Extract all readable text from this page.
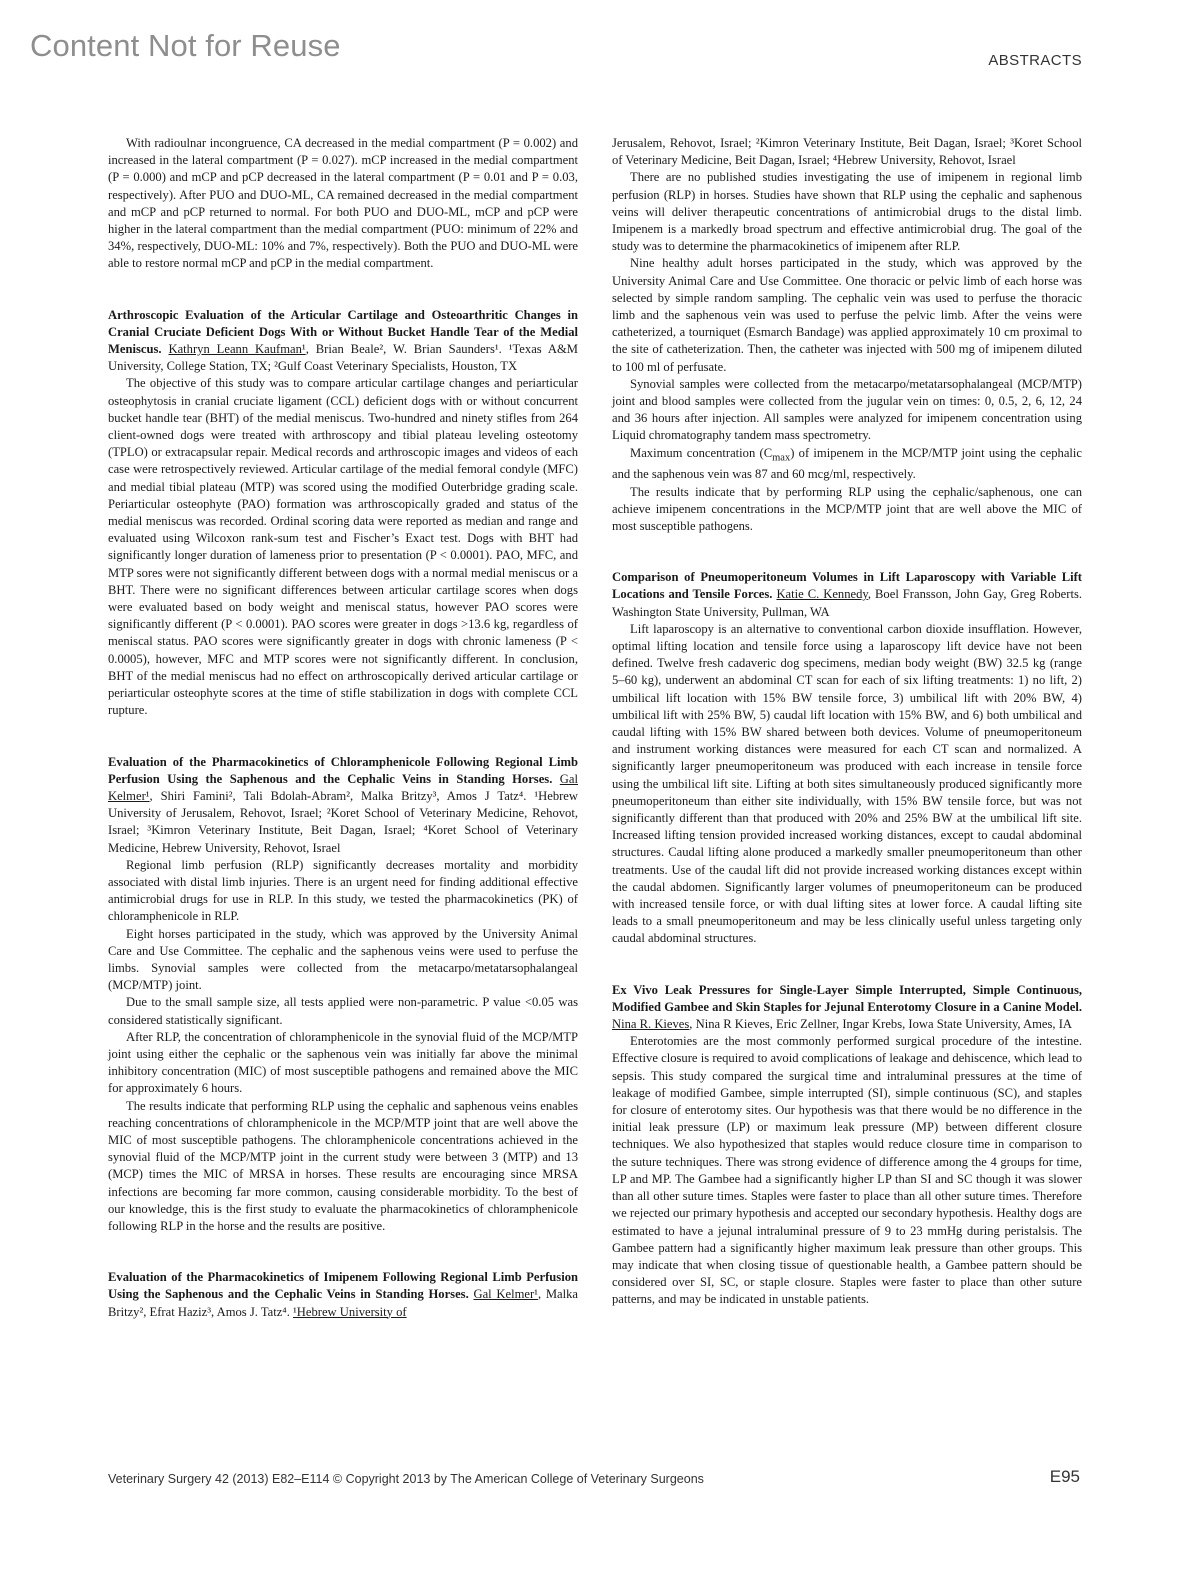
Content Not for Reuse	ABSTRACTS

With radioulnar incongruence, CA decreased in the medial compartment (P = 0.002) and increased in the lateral compartment (P = 0.027). mCP increased in the medial compartment (P = 0.000) and mCP and pCP decreased in the lateral compartment (P = 0.01 and P = 0.03, respectively). After PUO and DUO-ML, CA remained decreased in the medial compartment and mCP and pCP returned to normal. For both PUO and DUO-ML, mCP and pCP were higher in the lateral compartment than the medial compartment (PUO: minimum of 22% and 34%, respectively, DUO-ML: 10% and 7%, respectively). Both the PUO and DUO-ML were able to restore normal mCP and pCP in the medial compartment.

Arthroscopic Evaluation of the Articular Cartilage and Osteoarthritic Changes in Cranial Cruciate Deficient Dogs With or Without Bucket Handle Tear of the Medial Meniscus. Kathryn Leann Kaufman¹, Brian Beale², W. Brian Saunders¹. ¹Texas A&M University, College Station, TX; ²Gulf Coast Veterinary Specialists, Houston, TX

The objective of this study was to compare articular cartilage changes and periarticular osteophytosis in cranial cruciate ligament (CCL) deficient dogs with or without concurrent bucket handle tear (BHT) of the medial meniscus. Two-hundred and ninety stifles from 264 client-owned dogs were treated with arthroscopy and tibial plateau leveling osteotomy (TPLO) or extracapsular repair. Medical records and arthroscopic images and videos of each case were retrospectively reviewed. Articular cartilage of the medial femoral condyle (MFC) and medial tibial plateau (MTP) was scored using the modified Outerbridge grading scale. Periarticular osteophyte (PAO) formation was arthroscopically graded and status of the medial meniscus was recorded. Ordinal scoring data were reported as median and range and evaluated using Wilcoxon rank-sum test and Fischer’s Exact test. Dogs with BHT had significantly longer duration of lameness prior to presentation (P < 0.0001). PAO, MFC, and MTP sores were not significantly different between dogs with a normal medial meniscus or a BHT. There were no significant differences between articular cartilage scores when dogs were evaluated based on body weight and meniscal status, however PAO scores were significantly different (P < 0.0001). PAO scores were greater in dogs >13.6 kg, regardless of meniscal status. PAO scores were significantly greater in dogs with chronic lameness (P < 0.0005), however, MFC and MTP scores were not significantly different. In conclusion, BHT of the medial meniscus had no effect on arthroscopically derived articular cartilage or periarticular osteophyte scores at the time of stifle stabilization in dogs with complete CCL rupture.

Evaluation of the Pharmacokinetics of Chloramphenicole Following Regional Limb Perfusion Using the Saphenous and the Cephalic Veins in Standing Horses. Gal Kelmer¹, Shiri Famini², Tali Bdolah-Abram², Malka Britzy³, Amos J Tatz⁴. ¹Hebrew University of Jerusalem, Rehovot, Israel; ²Koret School of Veterinary Medicine, Rehovot, Israel; ³Kimron Veterinary Institute, Beit Dagan, Israel; ⁴Koret School of Veterinary Medicine, Hebrew University, Rehovot, Israel

Regional limb perfusion (RLP) significantly decreases mortality and morbidity associated with distal limb injuries. There is an urgent need for finding additional effective antimicrobial drugs for use in RLP. In this study, we tested the pharmacokinetics (PK) of chloramphenicole in RLP.

Eight horses participated in the study, which was approved by the University Animal Care and Use Committee. The cephalic and the saphenous veins were used to perfuse the limbs. Synovial samples were collected from the metacarpo/metatarsophalangeal (MCP/MTP) joint.

Due to the small sample size, all tests applied were non-parametric. P value <0.05 was considered statistically significant.

After RLP, the concentration of chloramphenicole in the synovial fluid of the MCP/MTP joint using either the cephalic or the saphenous vein was initially far above the minimal inhibitory concentration (MIC) of most susceptible pathogens and remained above the MIC for approximately 6 hours.

The results indicate that performing RLP using the cephalic and saphenous veins enables reaching concentrations of chloramphenicole in the MCP/MTP joint that are well above the MIC of most susceptible pathogens. The chloramphenicole concentrations achieved in the synovial fluid of the MCP/MTP joint in the current study were between 3 (MTP) and 13 (MCP) times the MIC of MRSA in horses. These results are encouraging since MRSA infections are becoming far more common, causing considerable morbidity. To the best of our knowledge, this is the first study to evaluate the pharmacokinetics of chloramphenicole following RLP in the horse and the results are positive.

Evaluation of the Pharmacokinetics of Imipenem Following Regional Limb Perfusion Using the Saphenous and the Cephalic Veins in Standing Horses. Gal Kelmer¹, Malka Britzy², Efrat Haziz³, Amos J. Tatz⁴. ¹Hebrew University of

Jerusalem, Rehovot, Israel; ²Kimron Veterinary Institute, Beit Dagan, Israel; ³Koret School of Veterinary Medicine, Beit Dagan, Israel; ⁴Hebrew University, Rehovot, Israel

There are no published studies investigating the use of imipenem in regional limb perfusion (RLP) in horses. Studies have shown that RLP using the cephalic and saphenous veins will deliver therapeutic concentrations of antimicrobial drugs to the distal limb. Imipenem is a markedly broad spectrum and effective antimicrobial drug. The goal of the study was to determine the pharmacokinetics of imipenem after RLP.

Nine healthy adult horses participated in the study, which was approved by the University Animal Care and Use Committee. One thoracic or pelvic limb of each horse was selected by simple random sampling. The cephalic vein was used to perfuse the thoracic limb and the saphenous vein was used to perfuse the pelvic limb. After the veins were catheterized, a tourniquet (Esmarch Bandage) was applied approximately 10 cm proximal to the site of catheterization. Then, the catheter was injected with 500 mg of imipenem diluted to 100 ml of perfusate.

Synovial samples were collected from the metacarpo/metatarsophalangeal (MCP/MTP) joint and blood samples were collected from the jugular vein on times: 0, 0.5, 2, 6, 12, 24 and 36 hours after injection. All samples were analyzed for imipenem concentration using Liquid chromatography tandem mass spectrometry.

Maximum concentration $(C_{max})$ of imipenem in the MCP/MTP joint using the cephalic and the saphenous vein was 87 and 60 mcg/ml, respectively.

The results indicate that by performing RLP using the cephalic/saphenous, one can achieve imipenem concentrations in the MCP/MTP joint that are well above the MIC of most susceptible pathogens.

Comparison of Pneumoperitoneum Volumes in Lift Laparoscopy with Variable Lift Locations and Tensile Forces. Katie C. Kennedy, Boel Fransson, John Gay, Greg Roberts. Washington State University, Pullman, WA

Lift laparoscopy is an alternative to conventional carbon dioxide insufflation. However, optimal lifting location and tensile force using a laparoscopy lift device have not been defined. Twelve fresh cadaveric dog specimens, median body weight (BW) 32.5 kg (range 5–60 kg), underwent an abdominal CT scan for each of six lifting treatments: 1) no lift, 2) umbilical lift location with 15% BW tensile force, 3) umbilical lift with 20% BW, 4) umbilical lift with 25% BW, 5) caudal lift location with 15% BW, and 6) both umbilical and caudal lifting with 15% BW shared between both devices. Volume of pneumoperitoneum and instrument working distances were measured for each CT scan and normalized. A significantly larger pneumoperitoneum was produced with each increase in tensile force using the umbilical lift site. Lifting at both sites simultaneously produced significantly more pneumoperitoneum than either site individually, with 15% BW tensile force, but was not significantly different than that produced with 20% and 25% BW at the umbilical lift site. Increased lifting tension provided increased working distances, except to caudal abdominal structures. Caudal lifting alone produced a markedly smaller pneumoperitoneum than other treatments. Use of the caudal lift did not provide increased working distances except within the caudal abdomen. Significantly larger volumes of pneumoperitoneum can be produced with increased tensile force, or with dual lifting sites at lower force. A caudal lifting site leads to a small pneumoperitoneum and may be less clinically useful unless targeting only caudal abdominal structures.

Ex Vivo Leak Pressures for Single-Layer Simple Interrupted, Simple Continuous, Modified Gambee and Skin Staples for Jejunal Enterotomy Closure in a Canine Model. Nina R. Kieves, Nina R Kieves, Eric Zellner, Ingar Krebs, Iowa State University, Ames, IA

Enterotomies are the most commonly performed surgical procedure of the intestine. Effective closure is required to avoid complications of leakage and dehiscence, which lead to sepsis. This study compared the surgical time and intraluminal pressures at the time of leakage of modified Gambee, simple interrupted (SI), simple continuous (SC), and staples for closure of enterotomy sites. Our hypothesis was that there would be no difference in the initial leak pressure (LP) or maximum leak pressure (MP) between different closure techniques. We also hypothesized that staples would reduce closure time in comparison to the suture techniques. There was strong evidence of difference among the 4 groups for time, LP and MP. The Gambee had a significantly higher LP than SI and SC though it was slower than all other suture times. Staples were faster to place than all other suture times. Therefore we rejected our primary hypothesis and accepted our secondary hypothesis. Healthy dogs are estimated to have a jejunal intraluminal pressure of 9 to 23 mmHg during peristalsis. The Gambee pattern had a significantly higher maximum leak pressure than other groups. This may indicate that when closing tissue of questionable health, a Gambee pattern should be considered over SI, SC, or staple closure. Staples were faster to place than other suture patterns, and may be indicated in unstable patients.

Veterinary Surgery 42 (2013) E82–E114 © Copyright 2013 by The American College of Veterinary Surgeons	E95
